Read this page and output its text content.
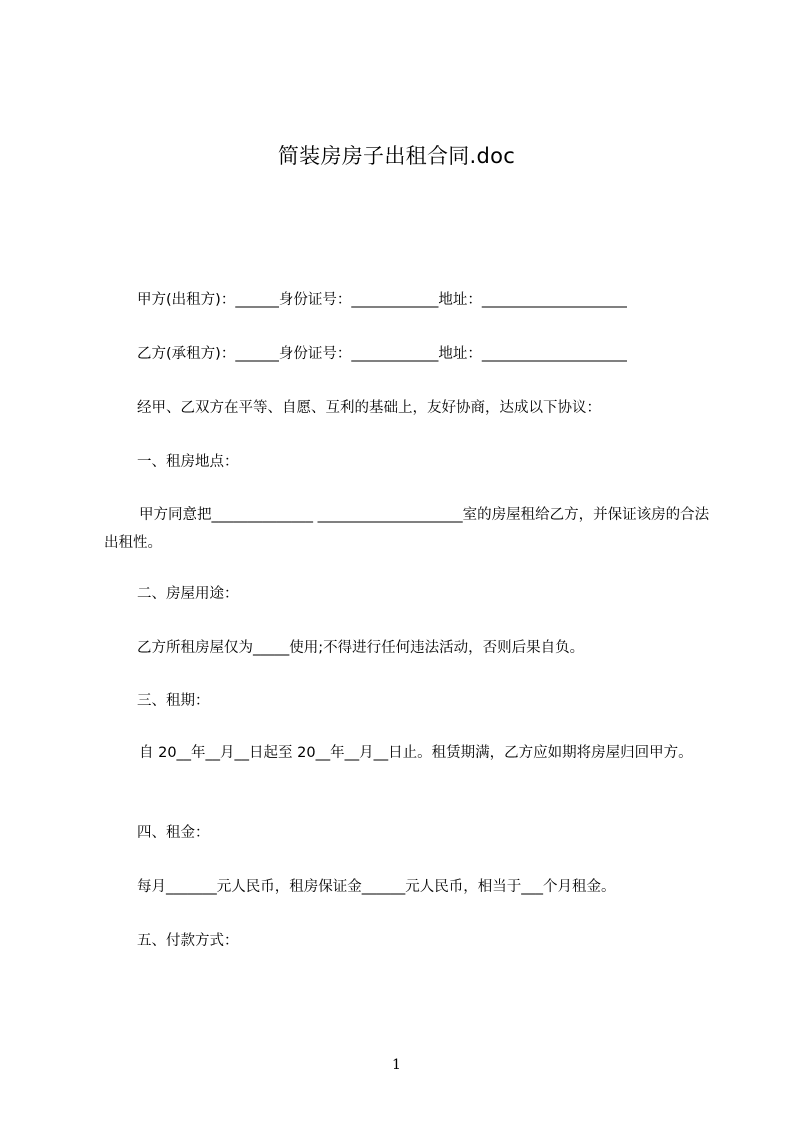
简装房房子出租合同.doc
甲方(出租方)：______身份证号：____________地址：____________________
乙方(承租方)：______身份证号：____________地址：____________________
经甲、乙双方在平等、自愿、互利的基础上，友好协商，达成以下协议：
一、租房地点：
甲方同意把______________ ____________________室的房屋租给乙方，并保证该房的合法出租性。
二、房屋用途：
乙方所租房屋仅为_____使用;不得进行任何违法活动，否则后果自负。
三、租期：
自 20__年__月__日起至 20__年__月__日止。租赁期满，乙方应如期将房屋归回甲方。
四、租金：
每月_______元人民币，租房保证金______元人民币，相当于___个月租金。
五、付款方式：
1
